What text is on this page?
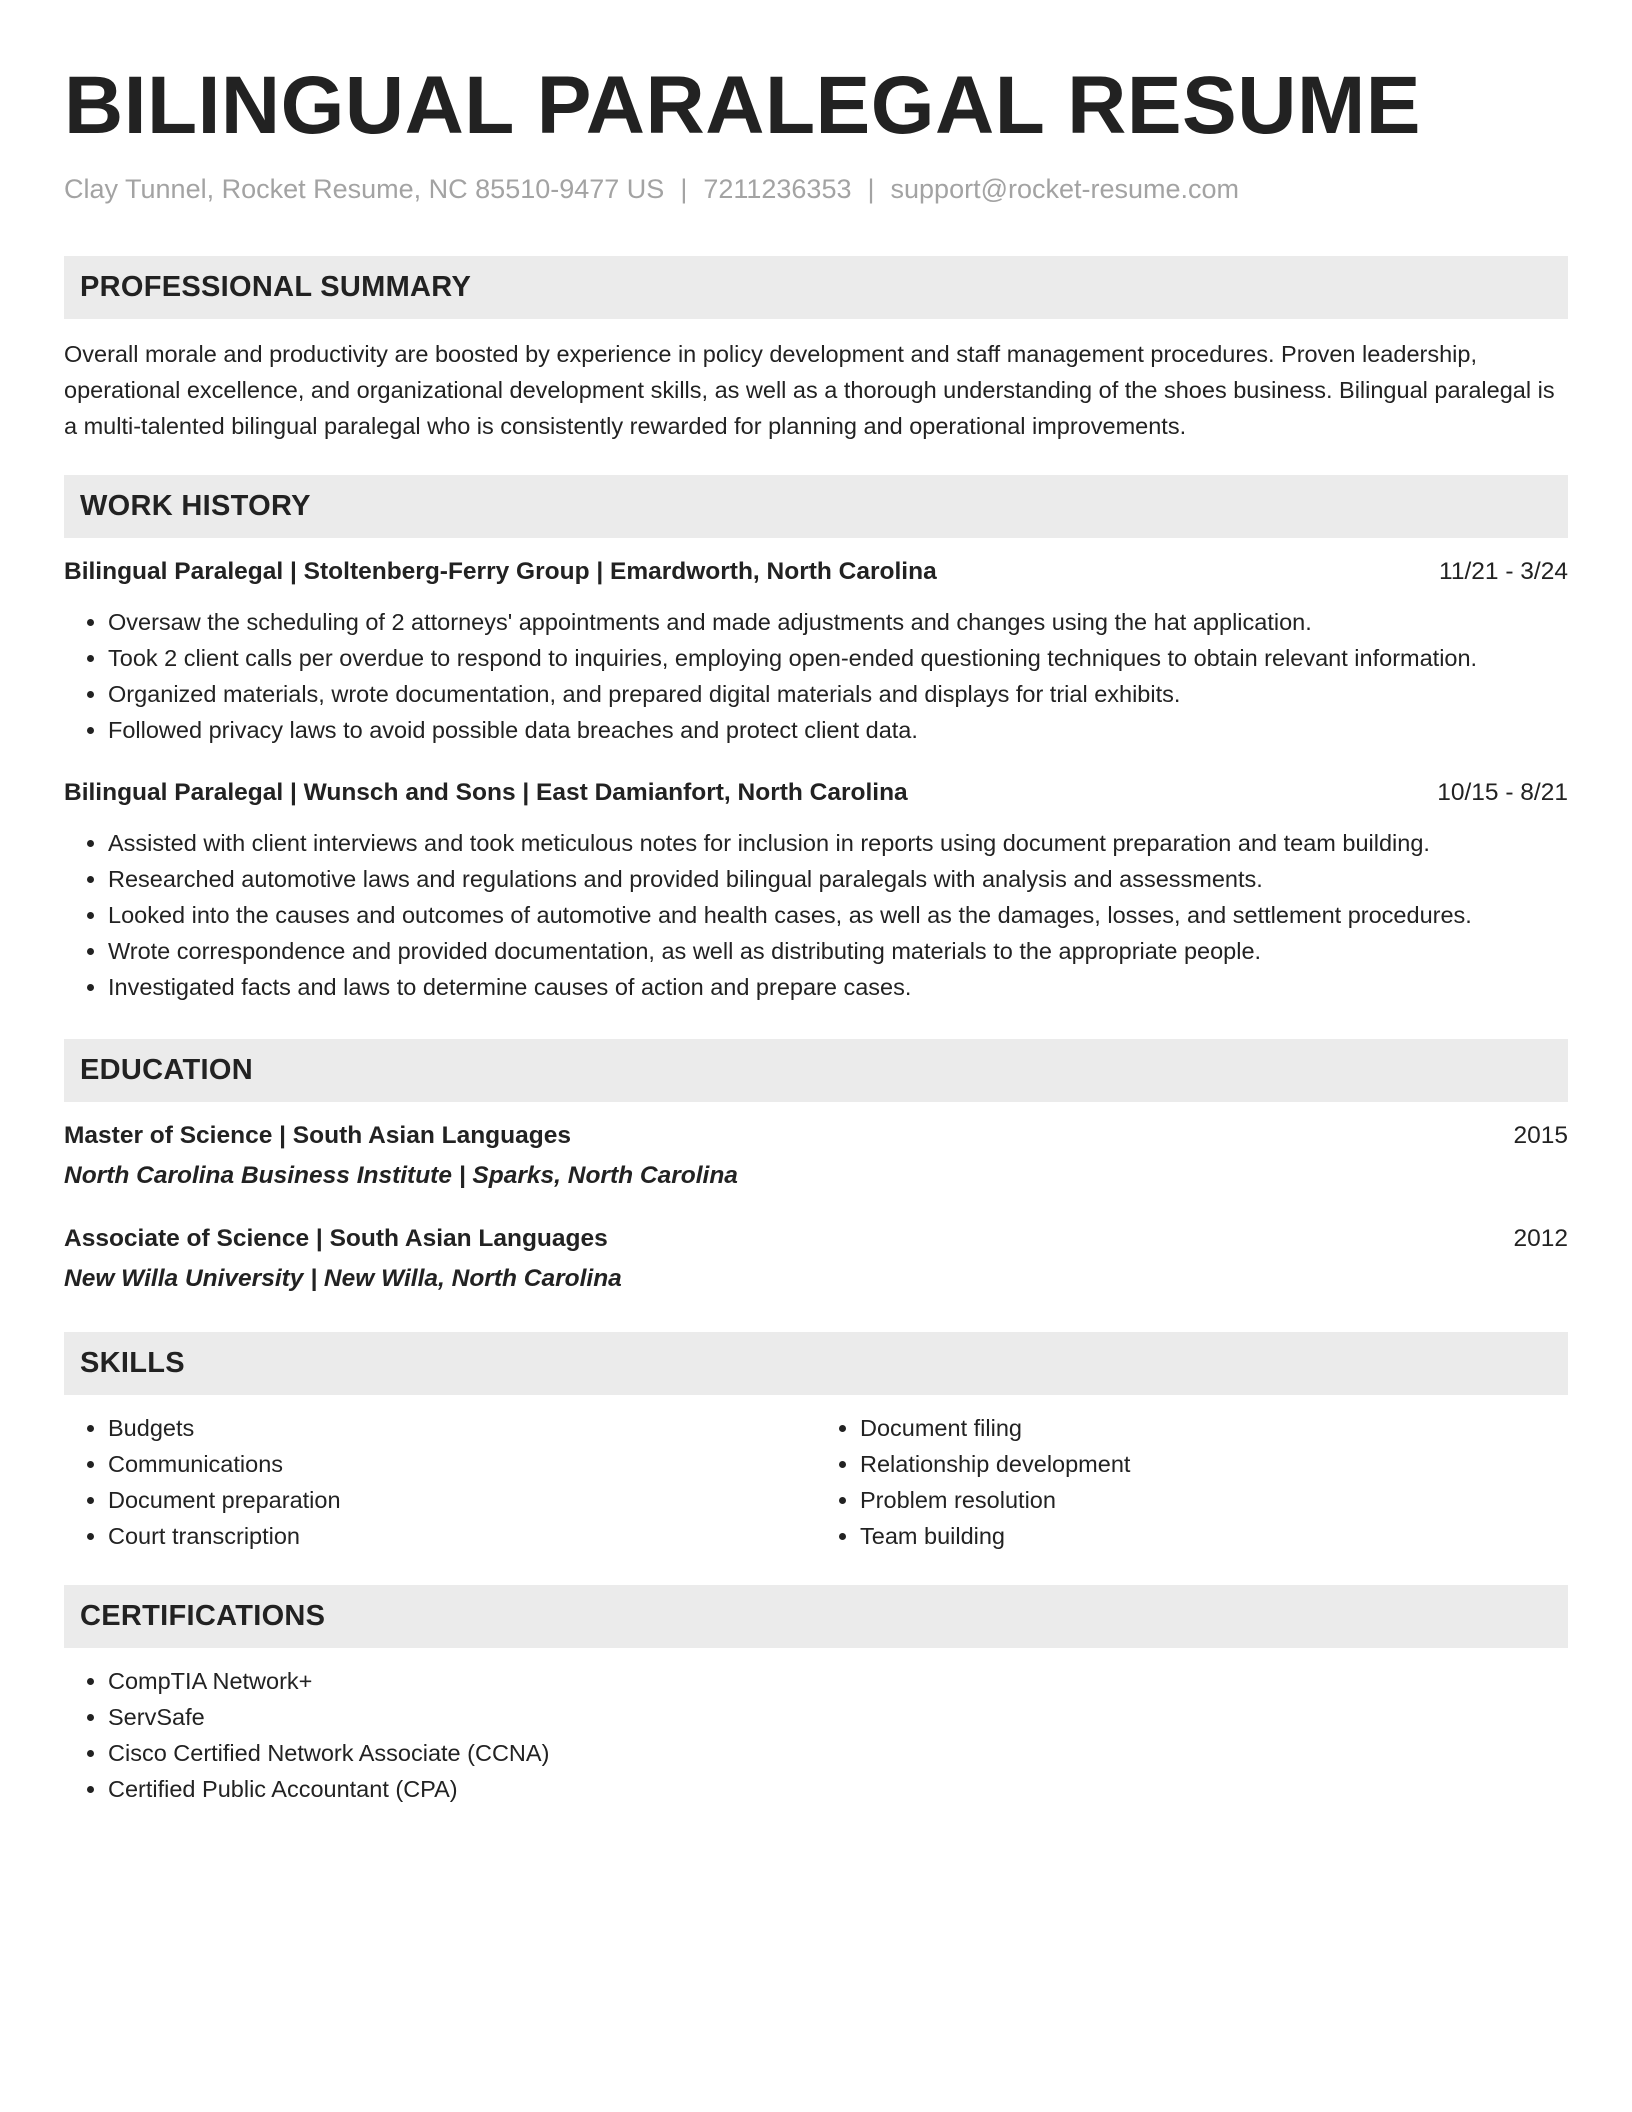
BILINGUAL PARALEGAL RESUME
Clay Tunnel, Rocket Resume, NC 85510-9477 US | 7211236353 | support@rocket-resume.com
PROFESSIONAL SUMMARY
Overall morale and productivity are boosted by experience in policy development and staff management procedures. Proven leadership, operational excellence, and organizational development skills, as well as a thorough understanding of the shoes business. Bilingual paralegal is a multi-talented bilingual paralegal who is consistently rewarded for planning and operational improvements.
WORK HISTORY
Bilingual Paralegal | Stoltenberg-Ferry Group | Emardworth, North Carolina	11/21 - 3/24
• Oversaw the scheduling of 2 attorneys' appointments and made adjustments and changes using the hat application.
• Took 2 client calls per overdue to respond to inquiries, employing open-ended questioning techniques to obtain relevant information.
• Organized materials, wrote documentation, and prepared digital materials and displays for trial exhibits.
• Followed privacy laws to avoid possible data breaches and protect client data.
Bilingual Paralegal | Wunsch and Sons | East Damianfort, North Carolina	10/15 - 8/21
• Assisted with client interviews and took meticulous notes for inclusion in reports using document preparation and team building.
• Researched automotive laws and regulations and provided bilingual paralegals with analysis and assessments.
• Looked into the causes and outcomes of automotive and health cases, as well as the damages, losses, and settlement procedures.
• Wrote correspondence and provided documentation, as well as distributing materials to the appropriate people.
• Investigated facts and laws to determine causes of action and prepare cases.
EDUCATION
Master of Science | South Asian Languages	2015
North Carolina Business Institute | Sparks, North Carolina
Associate of Science | South Asian Languages	2012
New Willa University | New Willa, North Carolina
SKILLS
• Budgets
• Communications
• Document preparation
• Court transcription
• Document filing
• Relationship development
• Problem resolution
• Team building
CERTIFICATIONS
• CompTIA Network+
• ServSafe
• Cisco Certified Network Associate (CCNA)
• Certified Public Accountant (CPA)
